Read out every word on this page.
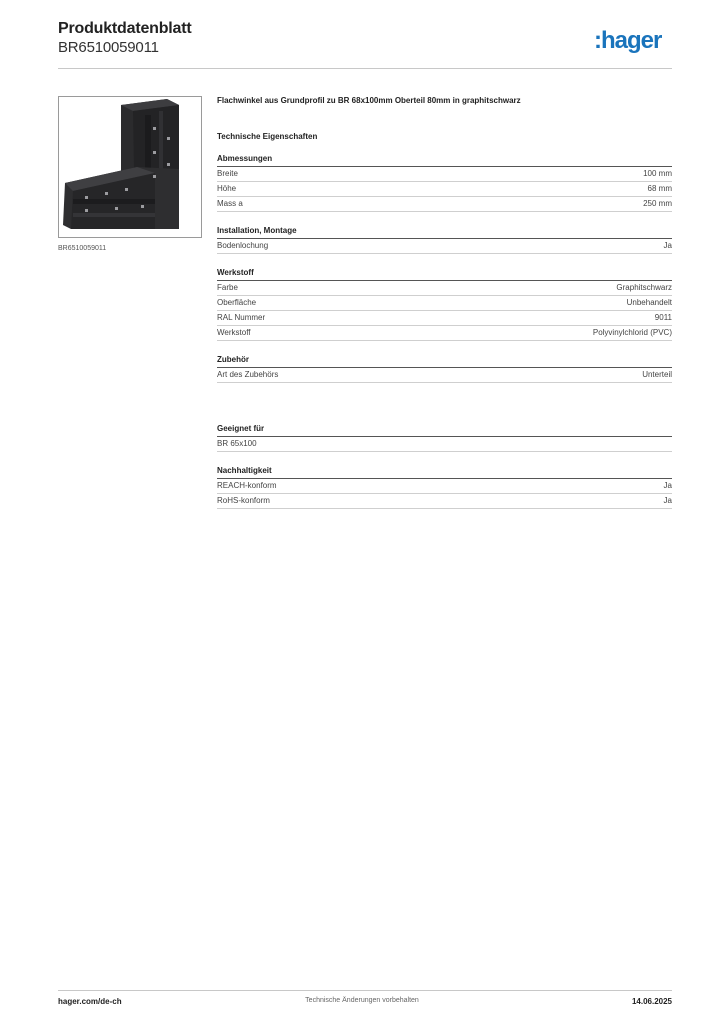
Produktdatenblatt
BR6510059011	:hager
BR6510059011
Flachwinkel aus Grundprofil zu BR 68x100mm Oberteil 80mm in graphitschwarz
Technische Eigenschaften
Abmessungen
Breite	100 mm
Höhe	68 mm
Mass a	250 mm
Installation, Montage
Bodenlochung	Ja
Werkstoff
Farbe	Graphitschwarz
Oberfläche	Unbehandelt
RAL Nummer	9011
Werkstoff	Polyvinylchlorid (PVC)
Zubehör
Art des Zubehörs	Unterteil
Geeignet für
BR 65x100
Nachhaltigkeit
REACH-konform	Ja
RoHS-konform	Ja
hager.com/de-ch	Technische Änderungen vorbehalten	14.06.2025
